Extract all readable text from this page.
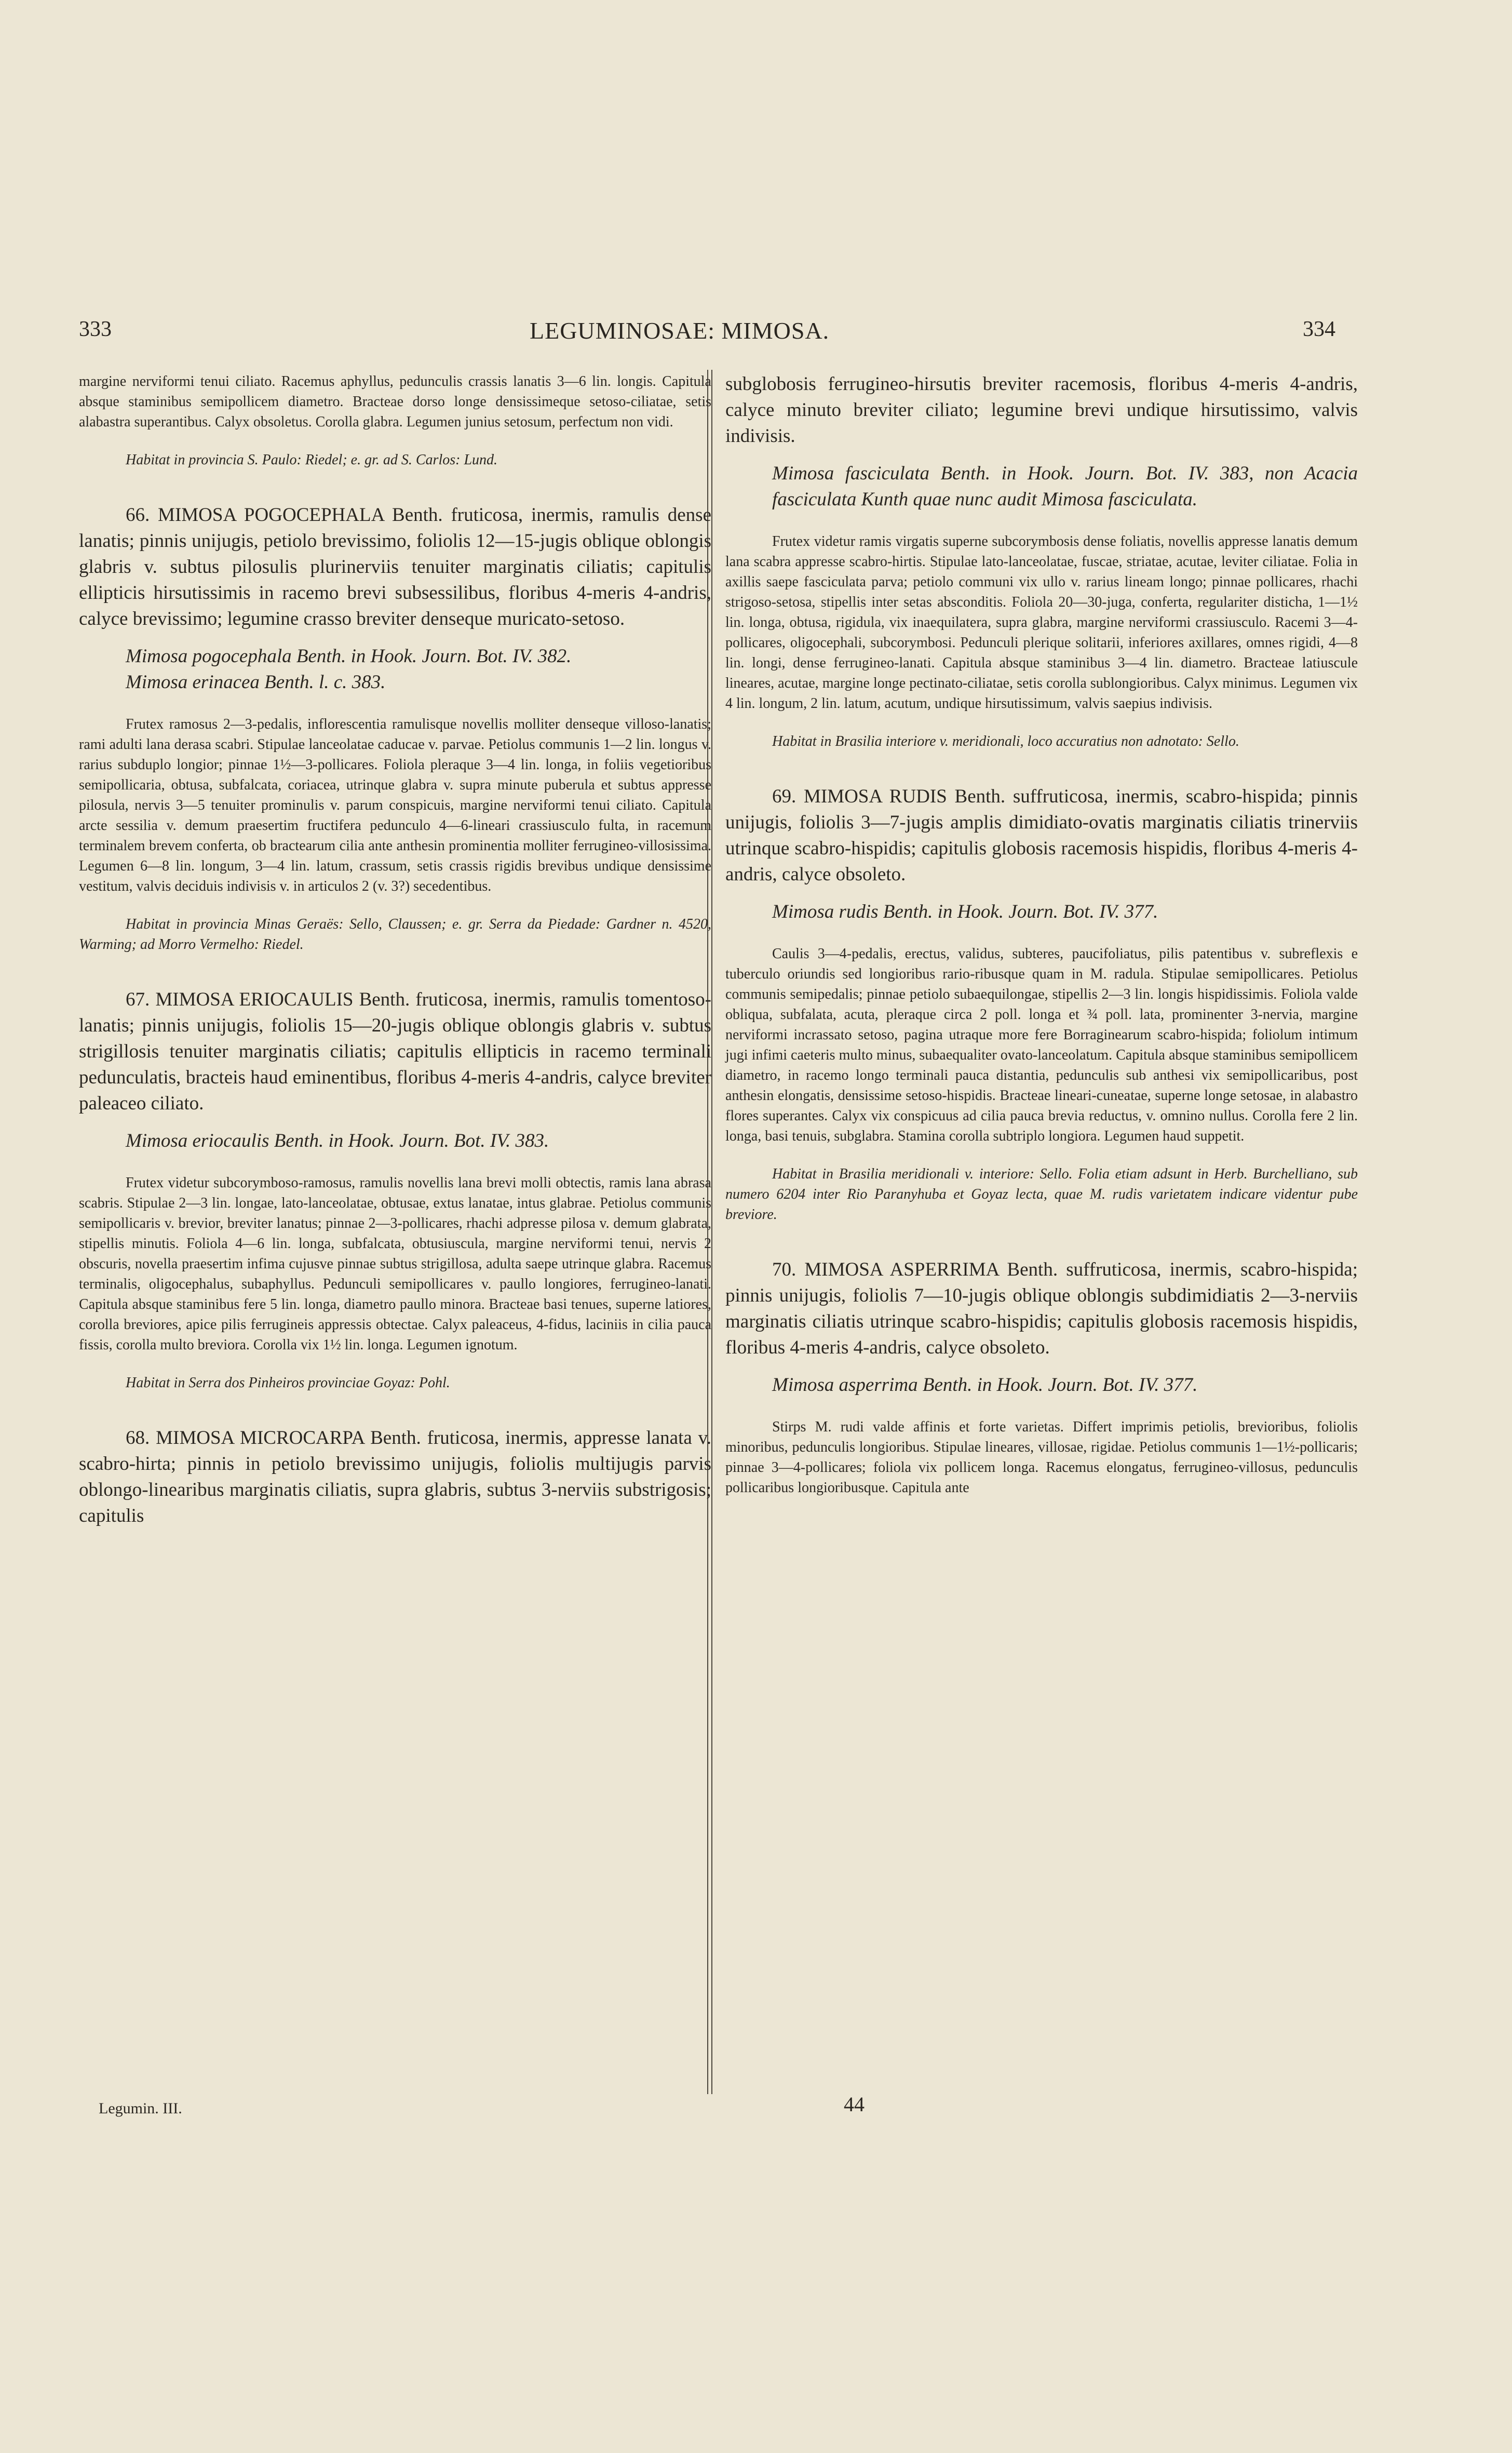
333	LEGUMINOSAE: MIMOSA.	334

margine nerviformi tenui ciliato. Racemus aphyllus, pedunculis crassis lanatis 3—6 lin. longis. Capitula absque staminibus semipollicem diametro. Bracteae dorso longe densissimeque setoso-ciliatae, setis alabastra superantibus. Calyx obsoletus. Corolla glabra. Legumen junius setosum, perfectum non vidi.

Habitat in provincia S. Paulo: Riedel; e. gr. ad S. Carlos: Lund.

66. MIMOSA POGOCEPHALA Benth. fruticosa, inermis, ramulis dense lanatis; pinnis unijugis, petiolo brevissimo, foliolis 12—15-jugis oblique oblongis glabris v. subtus pilosulis plurinerviis tenuiter marginatis ciliatis; capitulis ellipticis hirsutissimis in racemo brevi subsessilibus, floribus 4-meris 4-andris, calyce brevissimo; legumine crasso breviter denseque muricato-setoso.

Mimosa pogocephala Benth. in Hook. Journ. Bot. IV. 382.

Mimosa erinacea Benth. l. c. 383.

Frutex ramosus 2—3-pedalis, inflorescentia ramulisque novellis molliter denseque villoso-lanatis; rami adulti lana derasa scabri. Stipulae lanceolatae caducae v. parvae. Petiolus communis 1—2 lin. longus v. rarius subduplo longior; pinnae 1½—3-pollicares. Foliola pleraque 3—4 lin. longa, in foliis vegetioribus semipollicaria, obtusa, subfalcata, coriacea, utrinque glabra v. supra minute puberula et subtus appresse pilosula, nervis 3—5 tenuiter prominulis v. parum conspicuis, margine nerviformi tenui ciliato. Capitula arcte sessilia v. demum praesertim fructifera pedunculo 4—6-lineari crassiusculo fulta, in racemum terminalem brevem conferta, ob bractearum cilia ante anthesin prominentia molliter ferrugineo-villosissima. Legumen 6—8 lin. longum, 3—4 lin. latum, crassum, setis crassis rigidis brevibus undique densissime vestitum, valvis deciduis indivisis v. in articulos 2 (v. 3?) secedentibus.

Habitat in provincia Minas Geraës: Sello, Claussen; e. gr. Serra da Piedade: Gardner n. 4520, Warming; ad Morro Vermelho: Riedel.

67. MIMOSA ERIOCAULIS Benth. fruticosa, inermis, ramulis tomentoso-lanatis; pinnis unijugis, foliolis 15—20-jugis oblique oblongis glabris v. subtus strigillosis tenuiter marginatis ciliatis; capitulis ellipticis in racemo terminali pedunculatis, bracteis haud eminentibus, floribus 4-meris 4-andris, calyce breviter paleaceo ciliato.

Mimosa eriocaulis Benth. in Hook. Journ. Bot. IV. 383.

Frutex videtur subcorymboso-ramosus, ramulis novellis lana brevi molli obtectis, ramis lana abrasa scabris. Stipulae 2—3 lin. longae, lato-lanceolatae, obtusae, extus lanatae, intus glabrae. Petiolus communis semipollicaris v. brevior, breviter lanatus; pinnae 2—3-pollicares, rhachi adpresse pilosa v. demum glabrata, stipellis minutis. Foliola 4—6 lin. longa, subfalcata, obtusiuscula, margine nerviformi tenui, nervis 2 obscuris, novella praesertim infima cujusve pinnae subtus strigillosa, adulta saepe utrinque glabra. Racemus terminalis, oligocephalus, subaphyllus. Pedunculi semipollicares v. paullo longiores, ferrugineo-lanati. Capitula absque staminibus fere 5 lin. longa, diametro paullo minora. Bracteae basi tenues, superne latiores, corolla breviores, apice pilis ferrugineis appressis obtectae. Calyx paleaceus, 4-fidus, laciniis in cilia pauca fissis, corolla multo breviora. Corolla vix 1½ lin. longa. Legumen ignotum.

Habitat in Serra dos Pinheiros provinciae Goyaz: Pohl.

68. MIMOSA MICROCARPA Benth. fruticosa, inermis, appresse lanata v. scabro-hirta; pinnis in petiolo brevissimo unijugis, foliolis multijugis parvis oblongo-linearibus marginatis ciliatis, supra glabris, subtus 3-nerviis substrigosis; capitulis

subglobosis ferrugineo-hirsutis breviter racemosis, floribus 4-meris 4-andris, calyce minuto breviter ciliato; legumine brevi undique hirsutissimo, valvis indivisis.

Mimosa fasciculata Benth. in Hook. Journ. Bot. IV. 383, non Acacia fasciculata Kunth quae nunc audit Mimosa fasciculata.

Frutex videtur ramis virgatis superne subcorymbosis dense foliatis, novellis appresse lanatis demum lana scabra appresse scabro-hirtis. Stipulae lato-lanceolatae, fuscae, striatae, acutae, leviter ciliatae. Folia in axillis saepe fasciculata parva; petiolo communi vix ullo v. rarius lineam longo; pinnae pollicares, rhachi strigoso-setosa, stipellis inter setas absconditis. Foliola 20—30-juga, conferta, regulariter disticha, 1—1½ lin. longa, obtusa, rigidula, vix inaequilatera, supra glabra, margine nerviformi crassiusculo. Racemi 3—4-pollicares, oligocephali, subcorymbosi. Pedunculi plerique solitarii, inferiores axillares, omnes rigidi, 4—8 lin. longi, dense ferrugineo-lanati. Capitula absque staminibus 3—4 lin. diametro. Bracteae latiuscule lineares, acutae, margine longe pectinato-ciliatae, setis corolla sublongioribus. Calyx minimus. Legumen vix 4 lin. longum, 2 lin. latum, acutum, undique hirsutissimum, valvis saepius indivisis.

Habitat in Brasilia interiore v. meridionali, loco accuratius non adnotato: Sello.

69. MIMOSA RUDIS Benth. suffruticosa, inermis, scabro-hispida; pinnis unijugis, foliolis 3—7-jugis amplis dimidiato-ovatis marginatis ciliatis trinerviis utrinque scabro-hispidis; capitulis globosis racemosis hispidis, floribus 4-meris 4-andris, calyce obsoleto.

Mimosa rudis Benth. in Hook. Journ. Bot. IV. 377.

Caulis 3—4-pedalis, erectus, validus, subteres, paucifoliatus, pilis patentibus v. subreflexis e tuberculo oriundis sed longioribus rario-ribusque quam in M. radula. Stipulae semipollicares. Petiolus communis semipedalis; pinnae petiolo subaequilongae, stipellis 2—3 lin. longis hispidissimis. Foliola valde obliqua, subfalata, acuta, pleraque circa 2 poll. longa et ¾ poll. lata, prominenter 3-nervia, margine nerviformi incrassato setoso, pagina utraque more fere Borraginearum scabro-hispida; foliolum intimum jugi infimi caeteris multo minus, subaequaliter ovato-lanceolatum. Capitula absque staminibus semipollicem diametro, in racemo longo terminali pauca distantia, pedunculis sub anthesi vix semipollicaribus, post anthesin elongatis, densissime setoso-hispidis. Bracteae lineari-cuneatae, superne longe setosae, in alabastro flores superantes. Calyx vix conspicuus ad cilia pauca brevia reductus, v. omnino nullus. Corolla fere 2 lin. longa, basi tenuis, subglabra. Stamina corolla subtriplo longiora. Legumen haud suppetit.

Habitat in Brasilia meridionali v. interiore: Sello. Folia etiam adsunt in Herb. Burchelliano, sub numero 6204 inter Rio Paranyhuba et Goyaz lecta, quae M. rudis varietatem indicare videntur pube breviore.

70. MIMOSA ASPERRIMA Benth. suffruticosa, inermis, scabro-hispida; pinnis unijugis, foliolis 7—10-jugis oblique oblongis subdimidiatis 2—3-nerviis marginatis ciliatis utrinque scabro-hispidis; capitulis globosis racemosis hispidis, floribus 4-meris 4-andris, calyce obsoleto.

Mimosa asperrima Benth. in Hook. Journ. Bot. IV. 377.

Stirps M. rudi valde affinis et forte varietas. Differt imprimis petiolis, brevioribus, foliolis minoribus, pedunculis longioribus. Stipulae lineares, villosae, rigidae. Petiolus communis 1—1½-pollicaris; pinnae 3—4-pollicares; foliola vix pollicem longa. Racemus elongatus, ferrugineo-villosus, pedunculis pollicaribus longioribusque. Capitula ante

Legumin. III.	44
